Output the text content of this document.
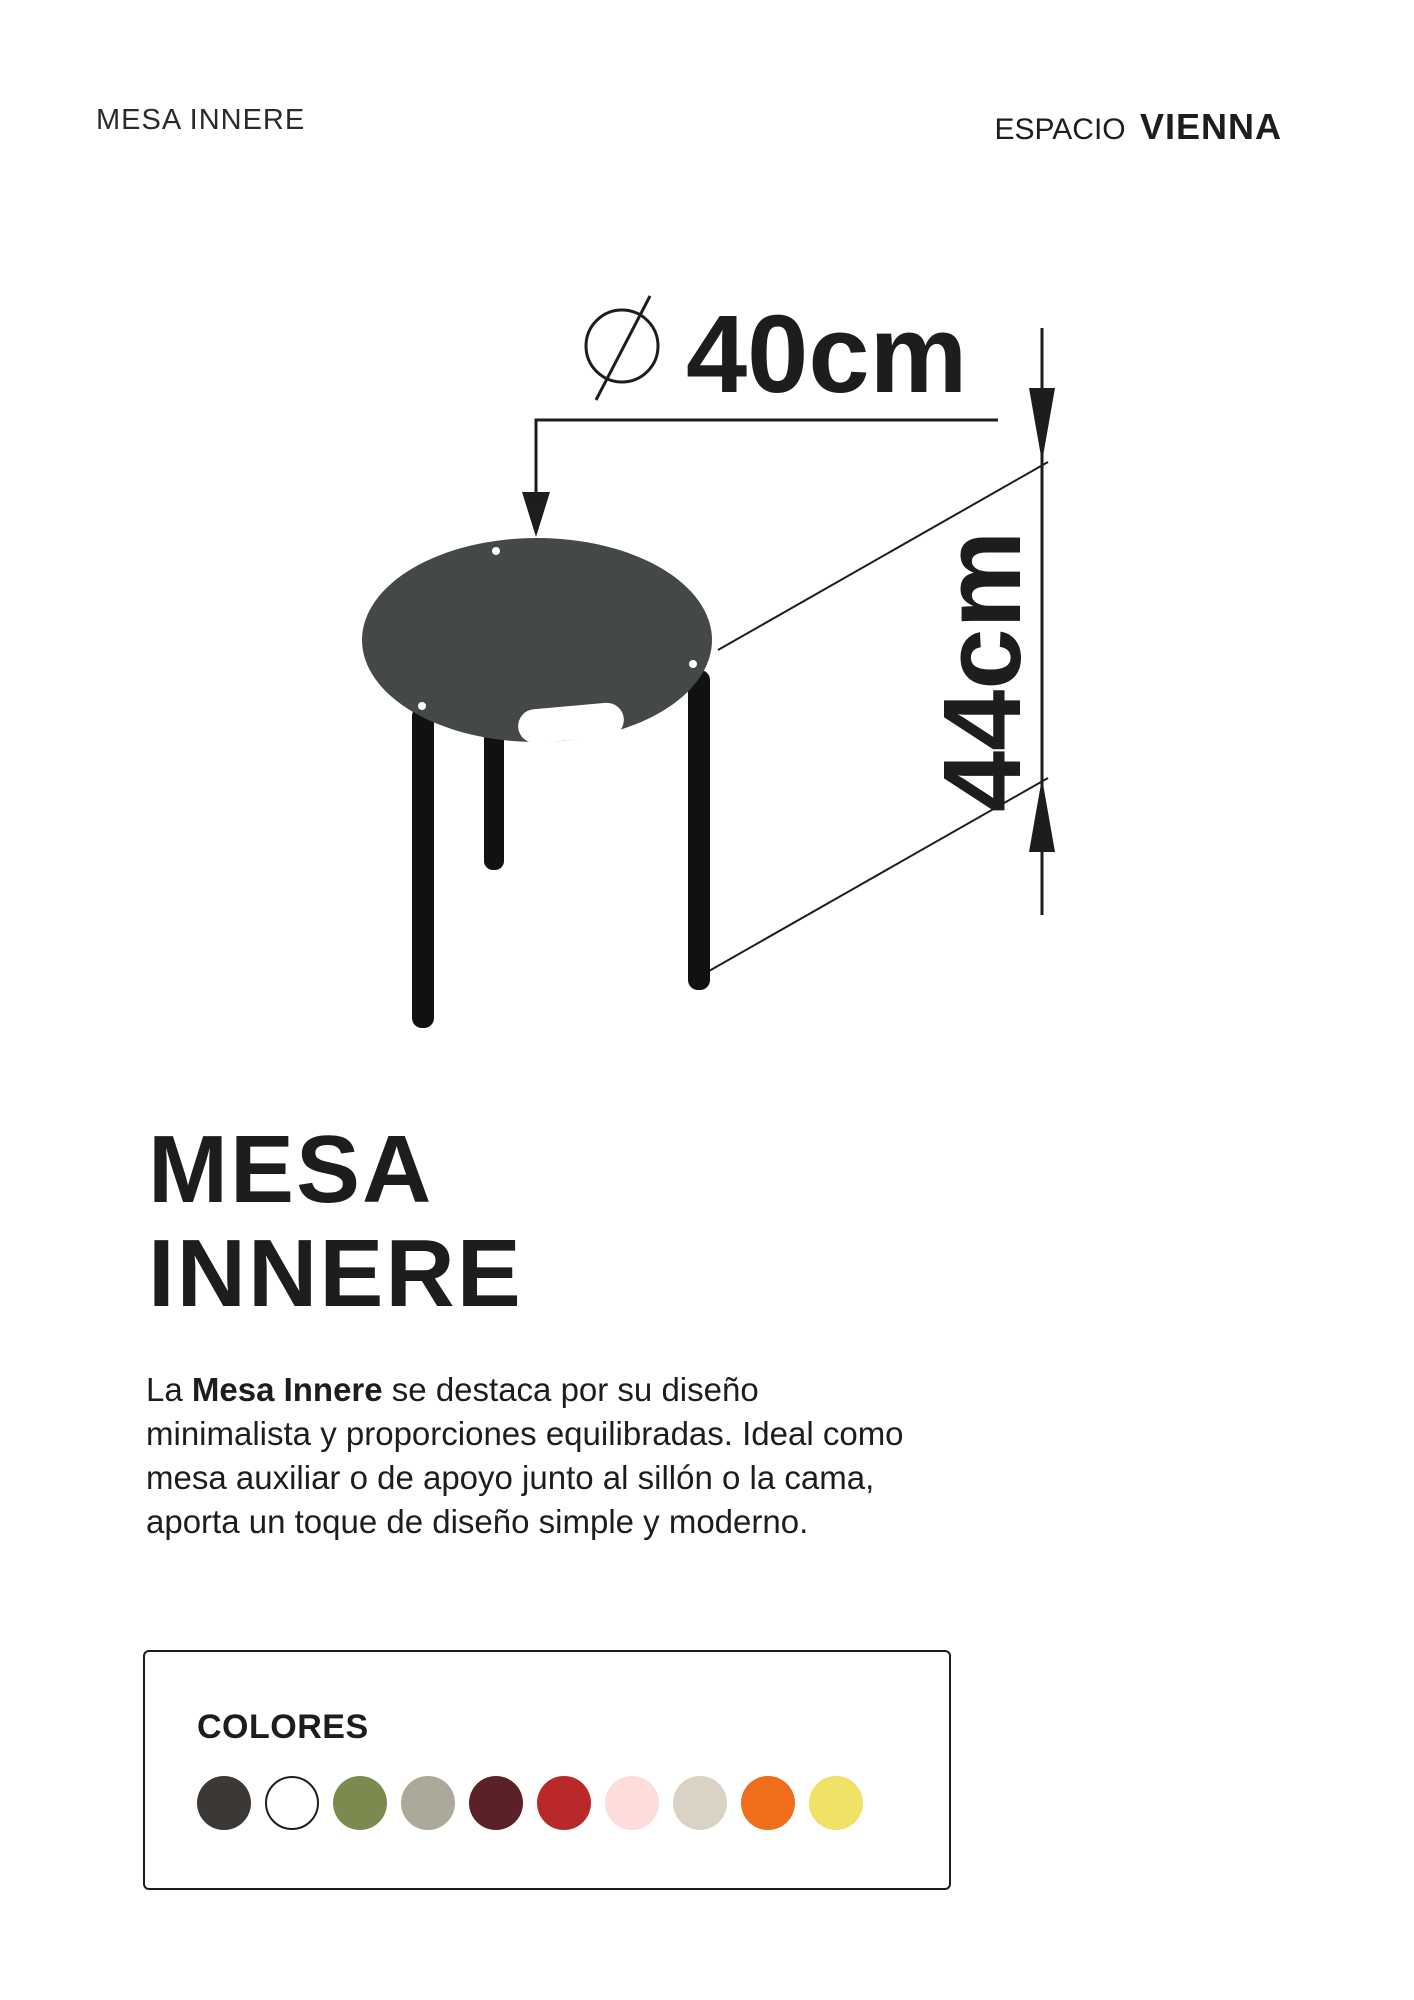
MESA INNERE	ESPACIO VIENNA
40cm
44cm
MESA
INNERE

La Mesa Innere se destaca por su diseño minimalista y proporciones equilibradas. Ideal como mesa auxiliar o de apoyo junto al sillón o la cama, aporta un toque de diseño simple y moderno.

COLORES
